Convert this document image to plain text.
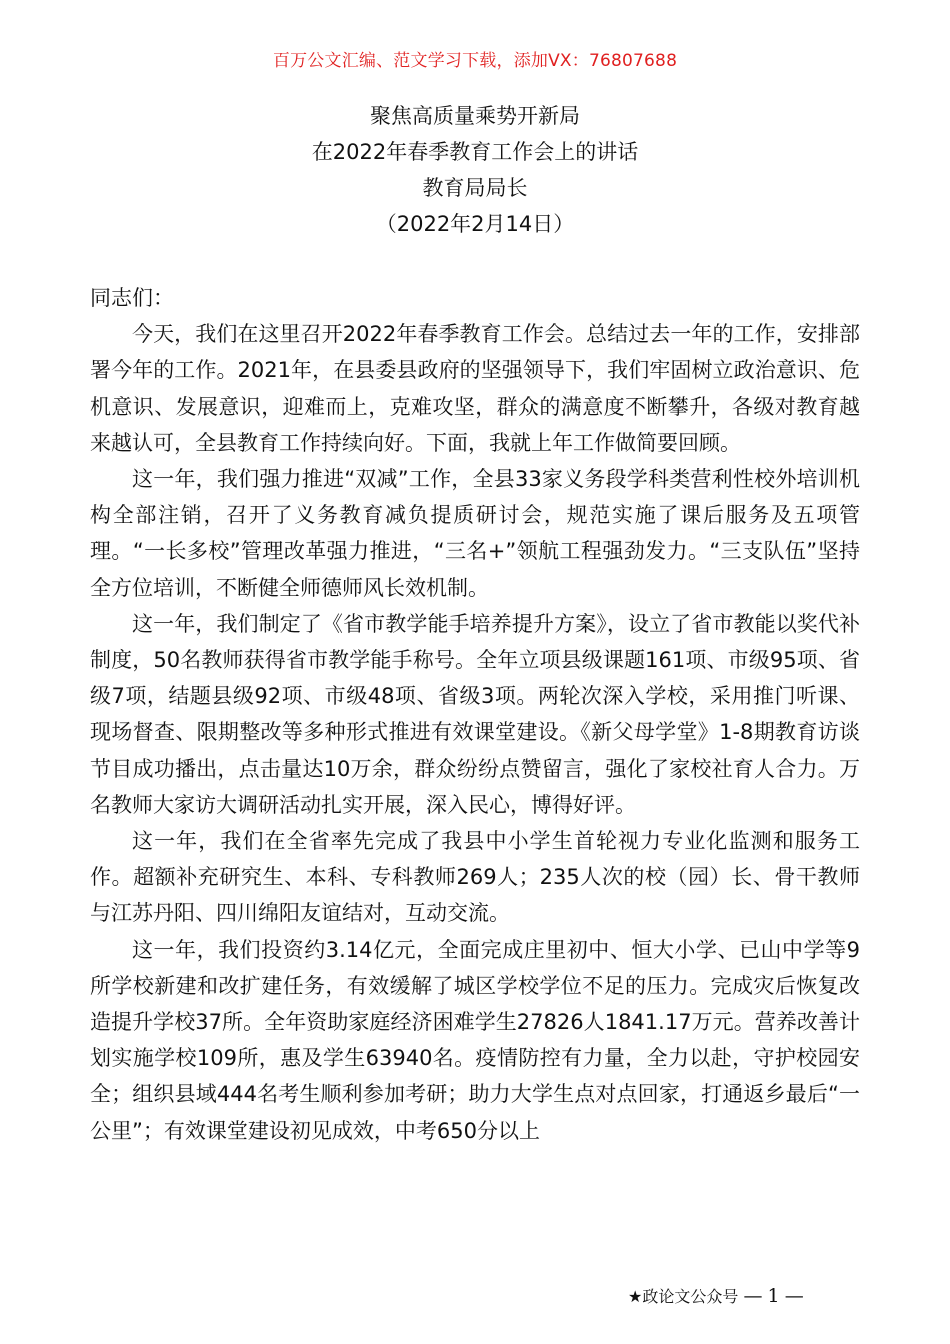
百万公文汇编、范文学习下载，添加VX：76807688
聚焦高质量乘势开新局
在2022年春季教育工作会上的讲话
教育局局长
（2022年2月14日）

同志们：

今天，我们在这里召开2022年春季教育工作会。总结过去一年的工作，安排部署今年的工作。2021年，在县委县政府的坚强领导下，我们牢固树立政治意识、危机意识、发展意识，迎难而上，克难攻坚，群众的满意度不断攀升，各级对教育越来越认可，全县教育工作持续向好。下面，我就上年工作做简要回顾。

这一年，我们强力推进“双减”工作，全县33家义务段学科类营利性校外培训机构全部注销，召开了义务教育减负提质研讨会，规范实施了课后服务及五项管理。“一长多校”管理改革强力推进，“三名+”领航工程强劲发力。“三支队伍”坚持全方位培训，不断健全师德师风长效机制。

这一年，我们制定了《省市教学能手培养提升方案》，设立了省市教能以奖代补制度，50名教师获得省市教学能手称号。全年立项县级课题161项、市级95项、省级7项，结题县级92项、市级48项、省级3项。两轮次深入学校，采用推门听课、现场督查、限期整改等多种形式推进有效课堂建设。《新父母学堂》1-8期教育访谈节目成功播出，点击量达10万余，群众纷纷点赞留言，强化了家校社育人合力。万名教师大家访大调研活动扎实开展，深入民心，博得好评。

这一年，我们在全省率先完成了我县中小学生首轮视力专业化监测和服务工作。超额补充研究生、本科、专科教师269人；235人次的校（园）长、骨干教师与江苏丹阳、四川绵阳友谊结对，互动交流。

这一年，我们投资约3.14亿元，全面完成庄里初中、恒大小学、已山中学等9所学校新建和改扩建任务，有效缓解了城区学校学位不足的压力。完成灾后恢复改造提升学校37所。全年资助家庭经济困难学生27826人1841.17万元。营养改善计划实施学校109所，惠及学生63940名。疫情防控有力量，全力以赴，守护校园安全；组织县域444名考生顺利参加考研；助力大学生点对点回家，打通返乡最后“一公里”；有效课堂建设初见成效，中考650分以上

★政论文公众号 — 1 —
